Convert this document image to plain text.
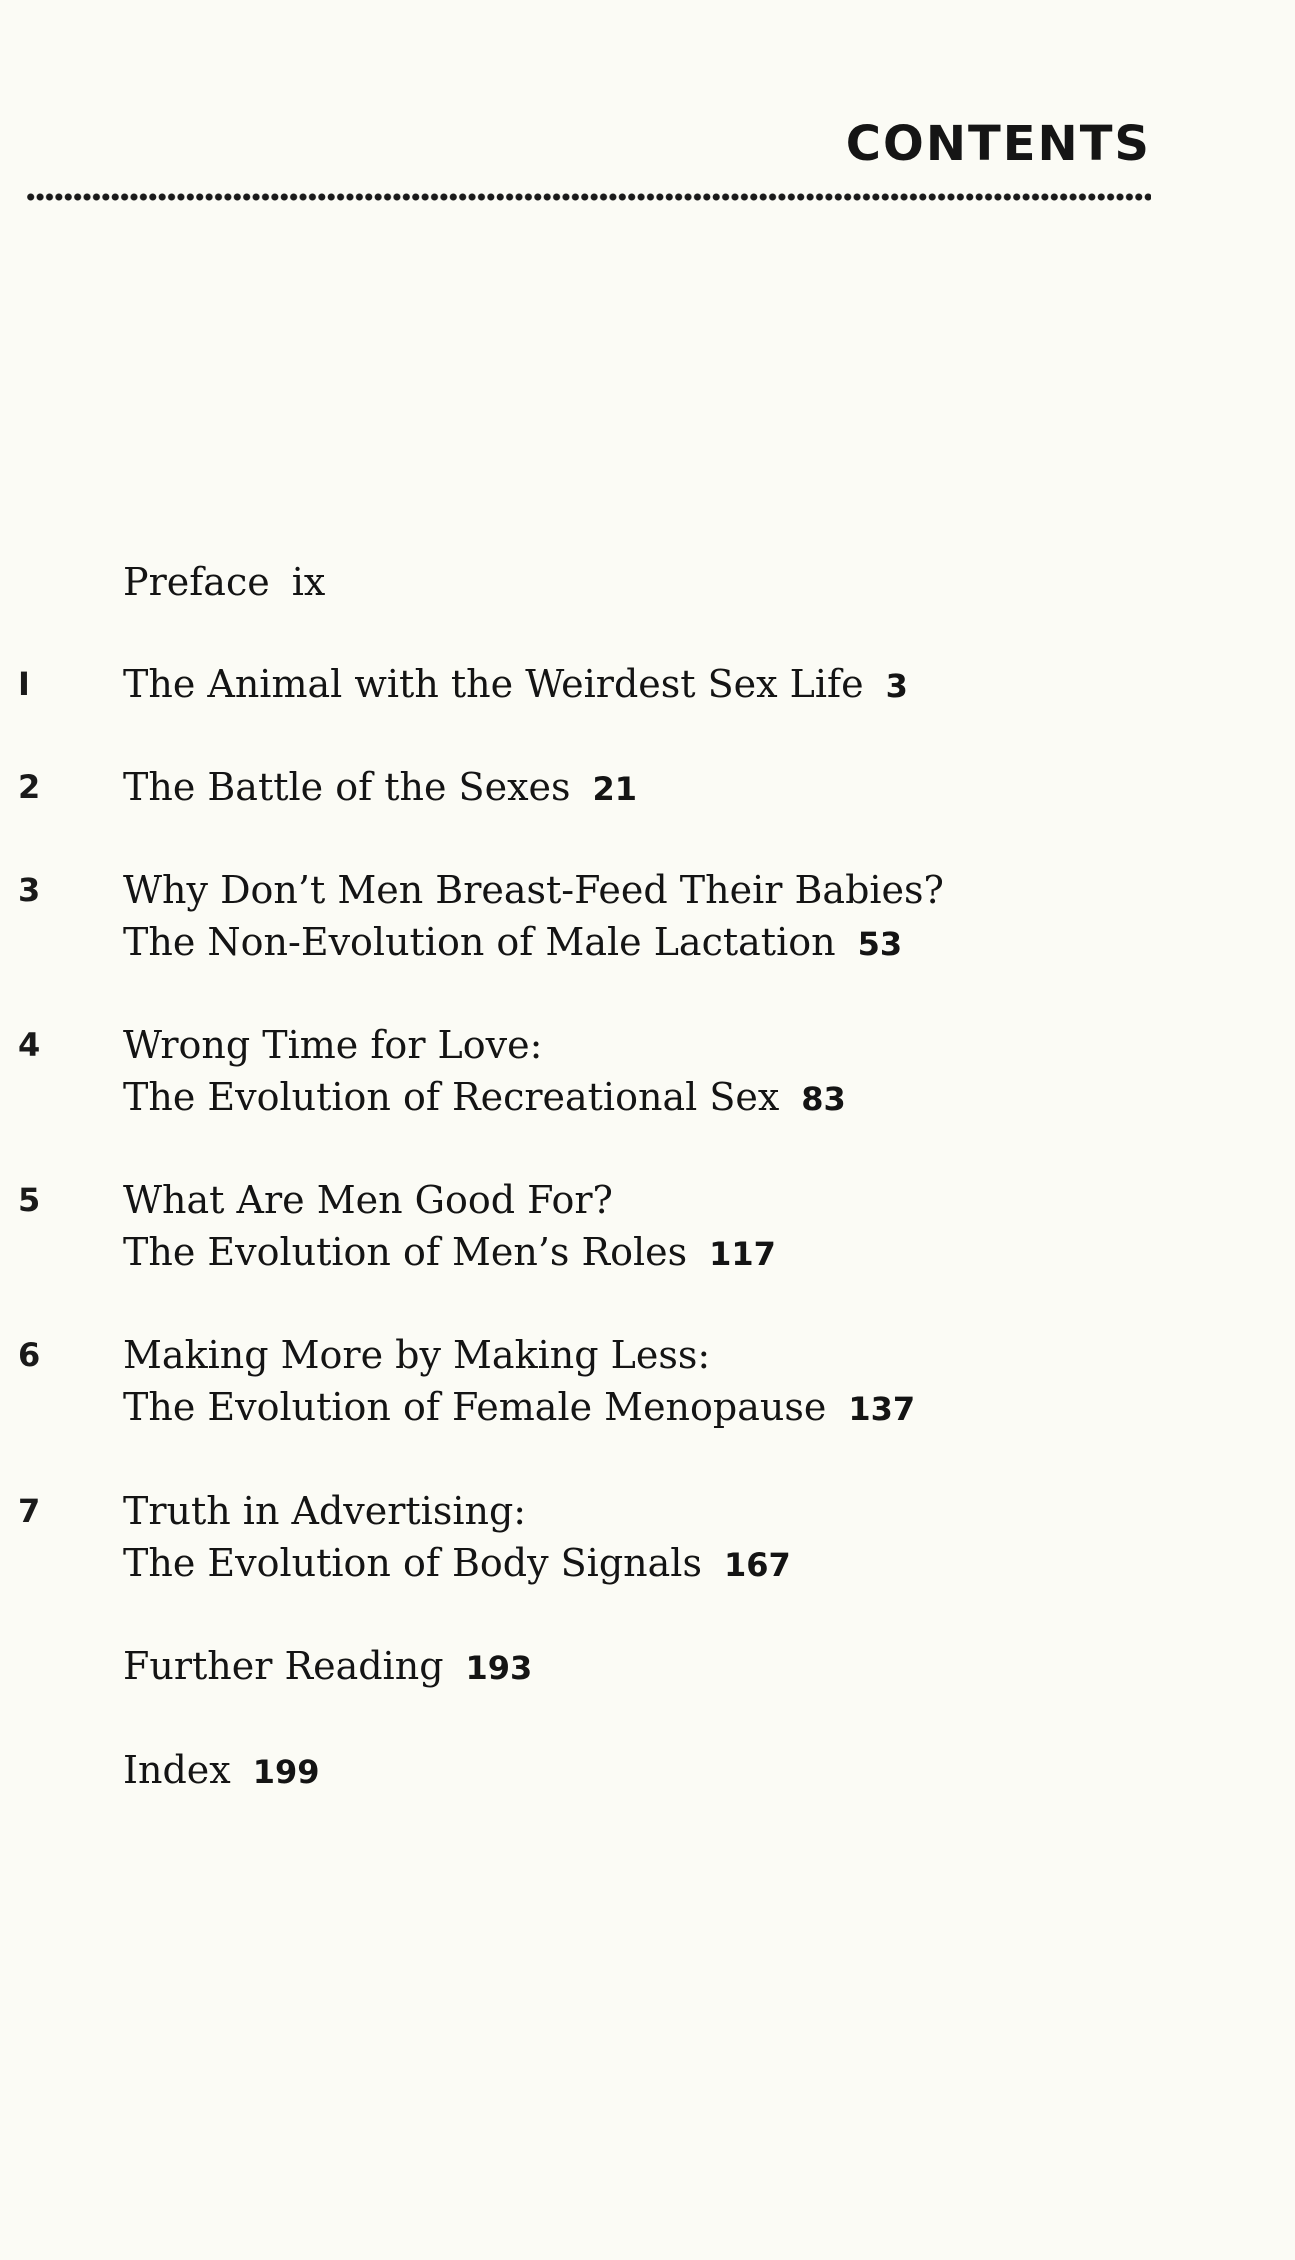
CONTENTS
Preface ix
I The Animal with the Weirdest Sex Life 3
2 The Battle of the Sexes 21
3 Why Don’t Men Breast-Feed Their Babies?
The Non-Evolution of Male Lactation 53
4 Wrong Time for Love:
The Evolution of Recreational Sex 83
5 What Are Men Good For?
The Evolution of Men’s Roles 117
6 Making More by Making Less:
The Evolution of Female Menopause 137
7 Truth in Advertising:
The Evolution of Body Signals 167
Further Reading 193
Index 199
